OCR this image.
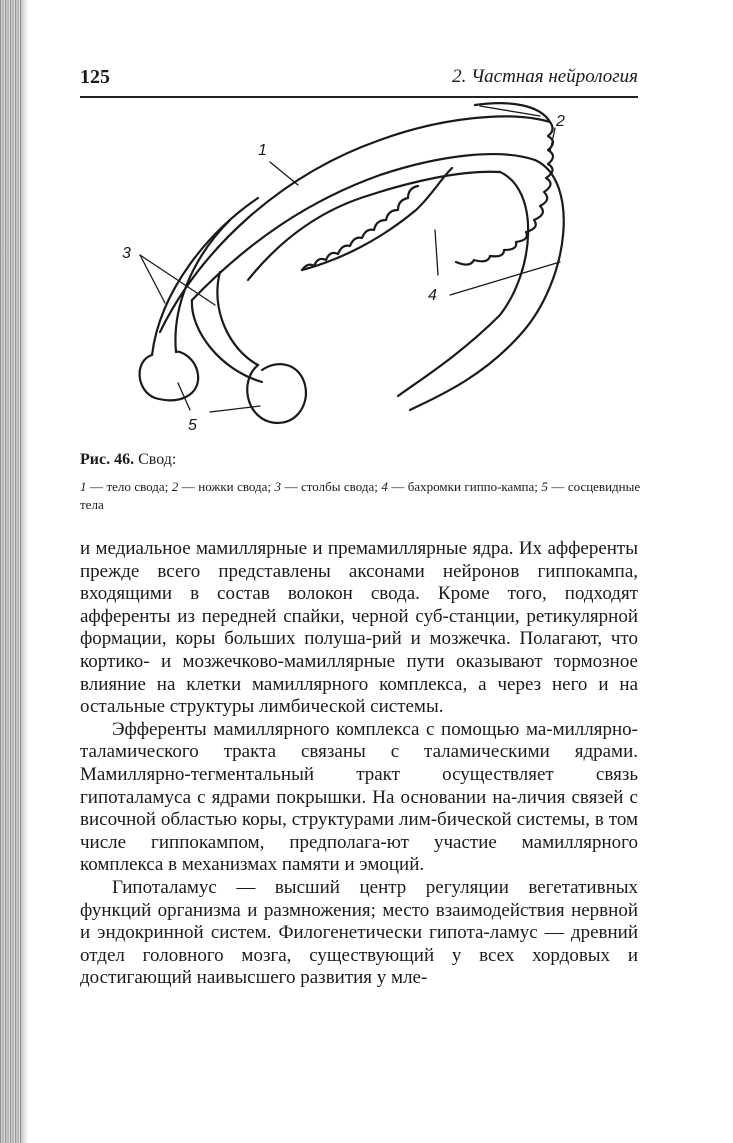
125	2. Частная нейрология
1
2
3
4
5

Рис. 46. Свод:

1 — тело свода; 2 — ножки свода; 3 — столбы свода; 4 — бахромки гиппо-кампа; 5 — сосцевидные тела

и медиальное мамиллярные и премамиллярные ядра. Их афференты прежде всего представлены аксонами нейронов гиппокампа, входящими в состав волокон свода. Кроме того, подходят афференты из передней спайки, черной суб-станции, ретикулярной формации, коры больших полуша-рий и мозжечка. Полагают, что кортико- и мозжечково-мамиллярные пути оказывают тормозное влияние на клетки мамиллярного комплекса, а через него и на остальные структуры лимбической системы.

Эфференты мамиллярного комплекса с помощью ма-миллярно-таламического тракта связаны с таламическими ядрами. Мамиллярно-тегментальный тракт осуществляет связь гипоталамуса с ядрами покрышки. На основании на-личия связей с височной областью коры, структурами лим-бической системы, в том числе гиппокампом, предполага-ют участие мамиллярного комплекса в механизмах памяти и эмоций.

Гипоталамус — высший центр регуляции вегетативных функций организма и размножения; место взаимодействия нервной и эндокринной систем. Филогенетически гипота-ламус — древний отдел головного мозга, существующий у всех хордовых и достигающий наивысшего развития у мле-
